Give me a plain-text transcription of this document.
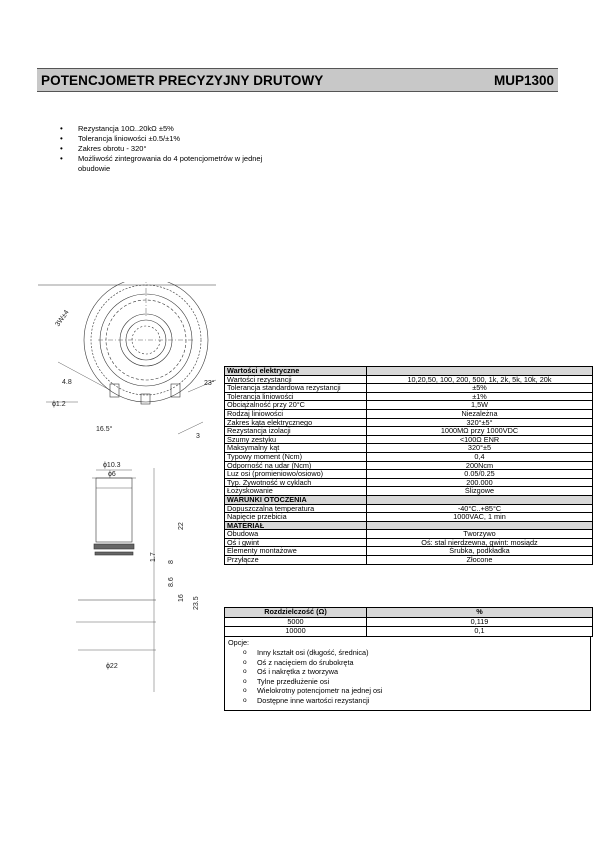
POTENCJOMETR PRECYZYJNY DRUTOWY	MUP1300
• Rezystancja 10Ω..20kΩ ±5%
• Tolerancja liniowości ±0.5/±1%
• Zakres obrotu - 320°
• Możliwość zintegrowania do 4 potencjometrów w jednej obudowie
3W±4
4.8
ϕ1.2
16.5°
23°
3
ϕ10.3
ϕ6
22
1.7
8
8.6
16 23.5
ϕ22
Wartości elektryczne	
Wartości rezystancji	10,20,50, 100, 200, 500, 1k, 2k, 5k, 10k, 20k
Tolerancja standardowa rezystancji	±5%
Tolerancja liniowości	±1%
Obciążalność przy 20°C	1,5W
Rodzaj liniowości	Niezależna
Zakres kąta elektrycznego	320°±5°
Rezystancja izolacji	1000MΩ przy 1000VDC
Szumy zestyku	<100Ω ENR
Maksymalny kąt	320°±5
Typowy moment (Ncm)	0,4
Odporność na udar (Ncm)	200Ncm
Luz osi (promieniowo/osiowo)	0.05/0.25
Typ. Żywotność w cyklach	200.000
Łożyskowanie	Ślizgowe
WARUNKI OTOCZENIA	
Dopuszczalna temperatura	-40°C..+85°C
Napięcie przebicia	1000VAC, 1 min
MATERIAŁ	
Obudowa	Tworzywo
Oś i gwint	Oś: stal nierdzewna, gwint: mosiądz
Elementy montażowe	Śrubka, podkładka
Przyłącze	Złocone
Rozdzielczość (Ω)	%
5000	0,119
10000	0,1
Opcje:
o Inny kształt osi (długość, średnica)
o Oś z nacięciem do śrubokręta
o Oś i nakrętka z tworzywa
o Tylne przedłużenie osi
o Wielokrotny potencjometr na jednej osi
o Dostępne inne wartości rezystancji
